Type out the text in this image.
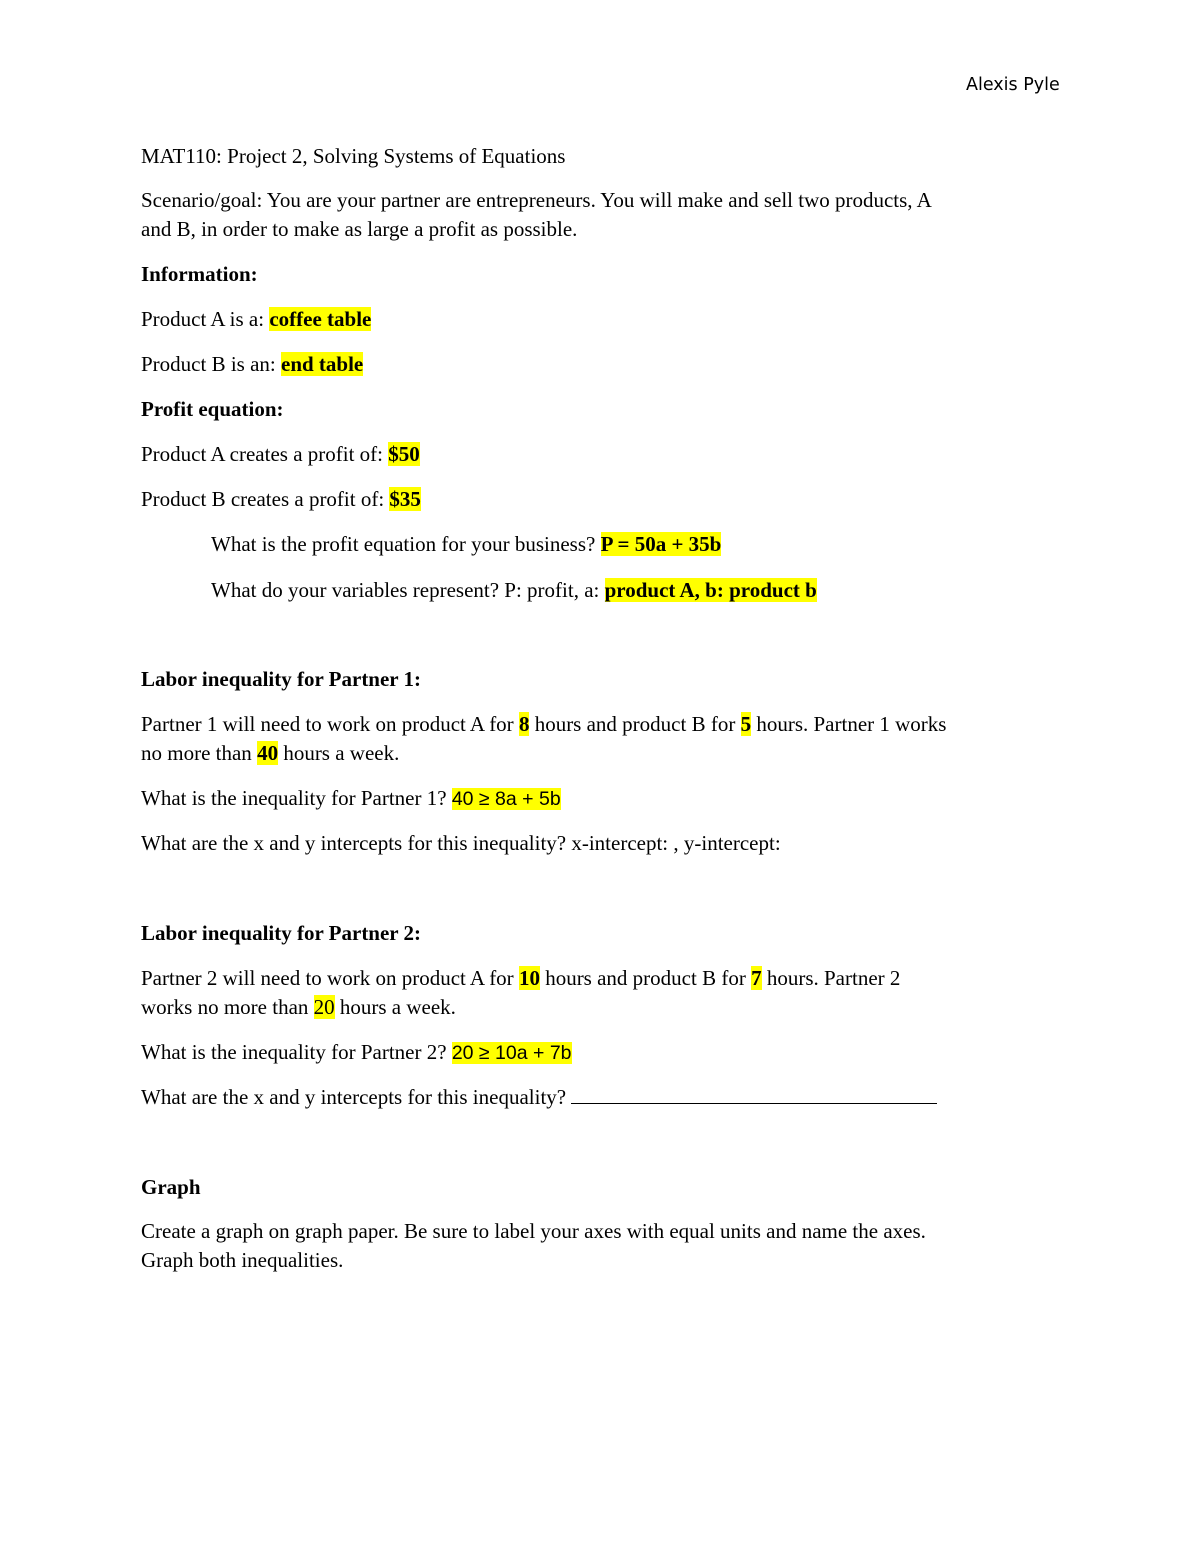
Alexis Pyle
MAT110: Project 2, Solving Systems of Equations
Scenario/goal: You are your partner are entrepreneurs. You will make and sell two products, A
and B, in order to make as large a profit as possible.
Information:
Product A is a: coffee table
Product B is an: end table
Profit equation:
Product A creates a profit of: $50
Product B creates a profit of: $35
What is the profit equation for your business? P = 50a + 35b
What do your variables represent? P: profit, a: product A, b: product b
Labor inequality for Partner 1:
Partner 1 will need to work on product A for 8 hours and product B for 5 hours. Partner 1 works
no more than 40 hours a week.
What is the inequality for Partner 1? 40 ≥ 8a + 5b
What are the x and y intercepts for this inequality? x-intercept: , y-intercept:
Labor inequality for Partner 2:
Partner 2 will need to work on product A for 10 hours and product B for 7 hours. Partner 2
works no more than 20 hours a week.
What is the inequality for Partner 2? 20 ≥ 10a + 7b
What are the x and y intercepts for this inequality?
Graph
Create a graph on graph paper. Be sure to label your axes with equal units and name the axes.
Graph both inequalities.
